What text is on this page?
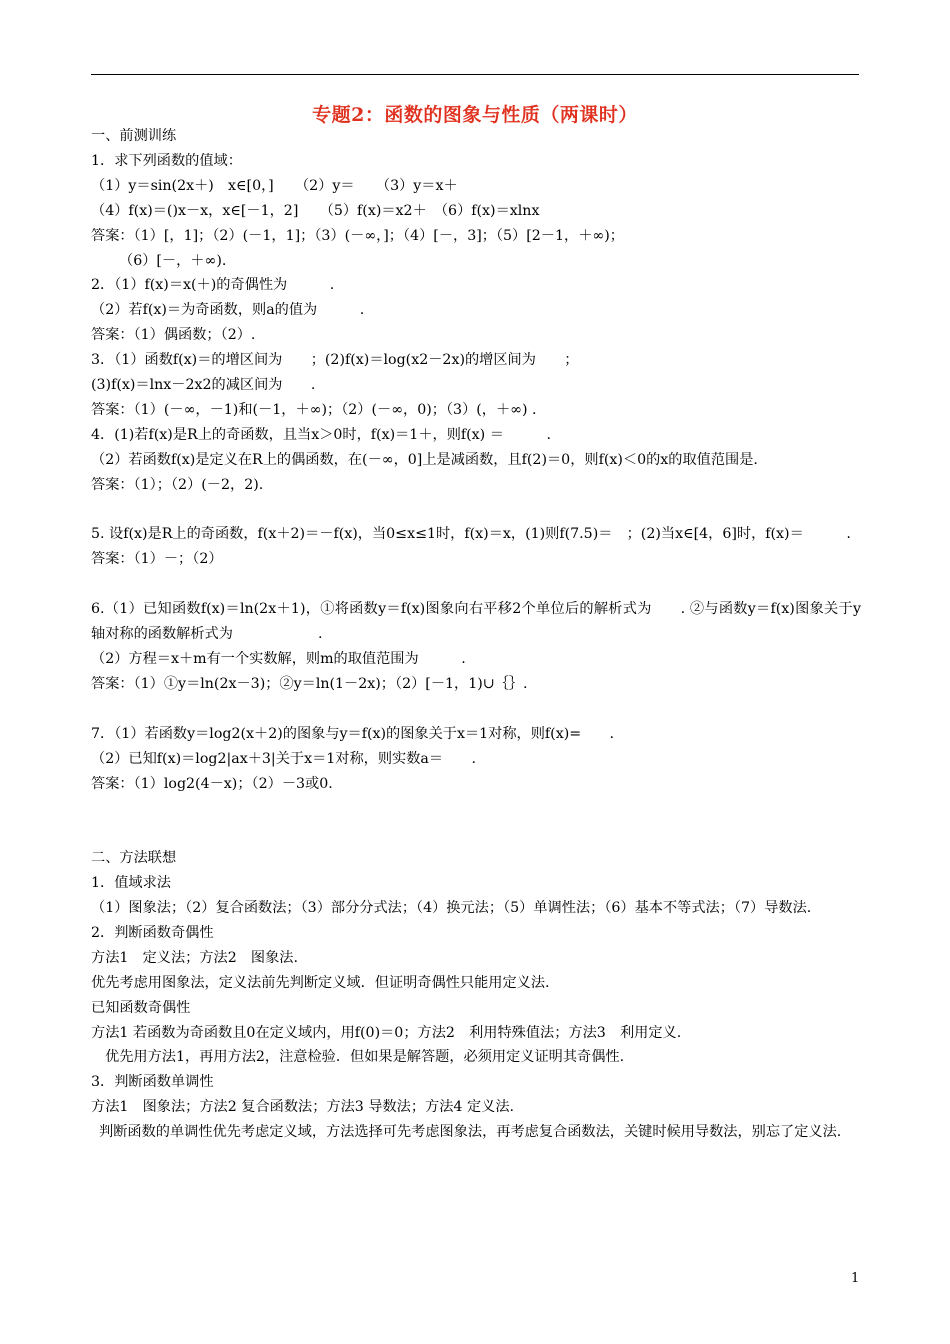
专题2：函数的图象与性质（两课时）
一、前测训练
1．求下列函数的值域：
（1）y＝sin(2x＋)　x∈[0，]　　（2）y＝　　（3）y＝x＋
（4）f(x)＝()x－x，x∈[－1，2]　　（5）f(x)＝x2＋　（6）f(x)＝xlnx
答案：（1）[，1]；（2）(－1，1]；（3）(－∞，]；（4）[－，3]；（5）[2－1，＋∞)；
（6）[－，＋∞).
2．（1）f(x)＝x(＋)的奇偶性为　　　.
（2）若f(x)＝为奇函数，则a的值为　　　.
答案：（1）偶函数；（2）.
3．（1）函数f(x)＝的增区间为　　；(2)f(x)＝log(x2－2x)的增区间为　　；
(3)f(x)＝lnx－2x2的减区间为　　.
答案：（1）(－∞，－1)和(－1，＋∞)；（2）(－∞，0)；（3）(，＋∞) .
4．(1)若f(x)是R上的奇函数，且当x＞0时，f(x)＝1＋，则f(x) ＝　　　.
（2）若函数f(x)是定义在R上的偶函数，在(－∞，0]上是减函数，且f(2)＝0，则f(x)＜0的x的取值范围是.
答案：（1）；（2）(－2，2).
5. 设f(x)是R上的奇函数，f(x＋2)＝－f(x)，当0≤x≤1时，f(x)＝x，(1)则f(7.5)＝　；(2)当x∈[4，6]时，f(x)＝　　　.
答案：（1）－；（2）
6.（1）已知函数f(x)＝ln(2x＋1)，①将函数y＝f(x)图象向右平移2个单位后的解析式为　　. ②与函数y＝f(x)图象关于y轴对称的函数解析式为　　　　　　.
（2）方程＝x＋m有一个实数解，则m的取值范围为　　　.
答案：（1）①y＝ln(2x－3)；②y＝ln(1－2x)；（2）[－1，1)∪｛｝.
7．（1）若函数y＝log2(x＋2)的图象与y＝f(x)的图象关于x＝1对称，则f(x)=　　.
（2）已知f(x)＝log2|ax＋3|关于x＝1对称，则实数a＝　　.
答案：（1）log2(4－x)；（2）－3或0.
二、方法联想
1．值域求法
（1）图象法；（2）复合函数法；（3）部分分式法；（4）换元法；（5）单调性法；（6）基本不等式法；（7）导数法.
2．判断函数奇偶性
方法1　定义法；方法2　图象法.
优先考虑用图象法，定义法前先判断定义域．但证明奇偶性只能用定义法.
已知函数奇偶性
方法1 若函数为奇函数且0在定义域内，用f(0)＝0；方法2　利用特殊值法；方法3　利用定义.
优先用方法1，再用方法2，注意检验．但如果是解答题，必须用定义证明其奇偶性.
3．判断函数单调性
方法1　图象法；方法2 复合函数法；方法3 导数法；方法4 定义法.
判断函数的单调性优先考虑定义域，方法选择可先考虑图象法，再考虑复合函数法，关键时候用导数法，别忘了定义法.
1
